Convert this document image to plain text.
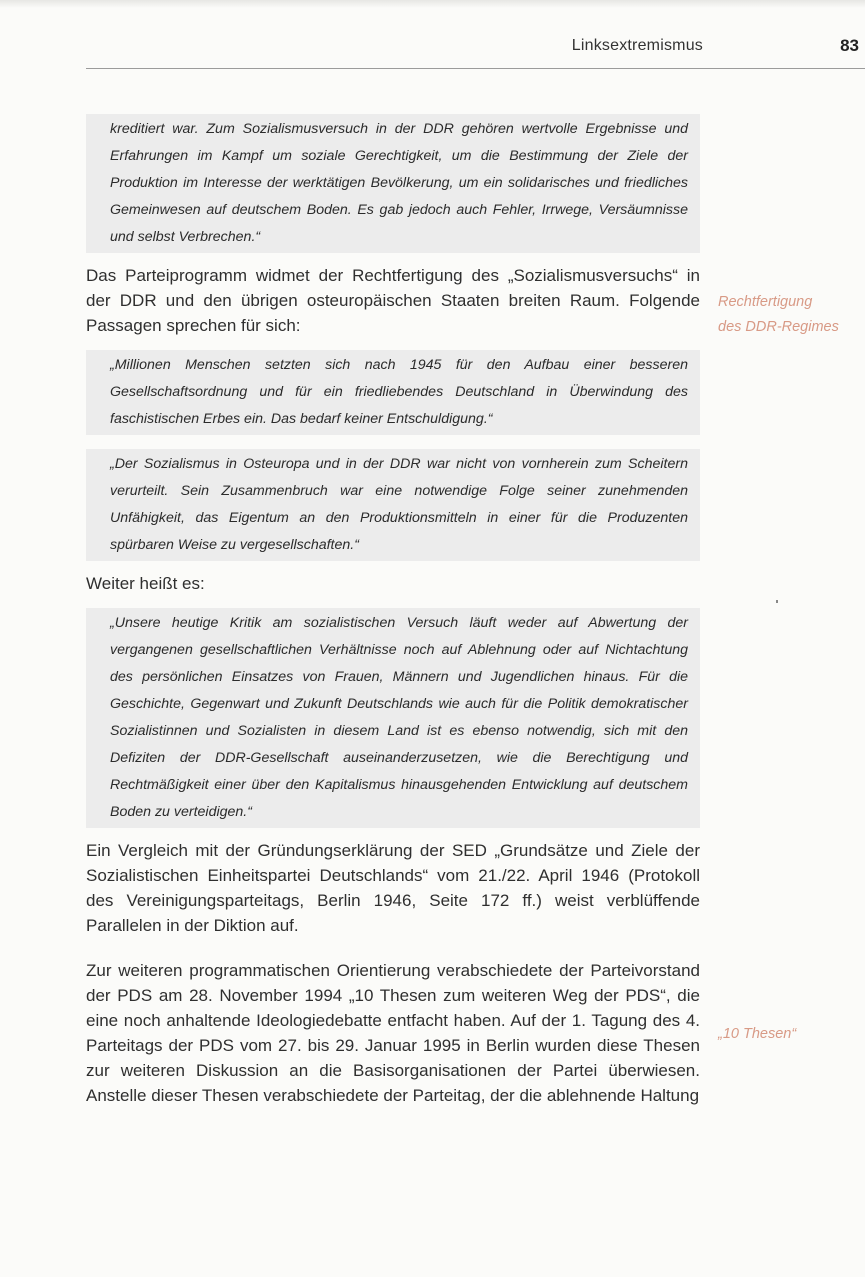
Linksextremismus	83

kreditiert war. Zum Sozialismusversuch in der DDR gehören wertvolle Ergebnisse und Erfahrungen im Kampf um soziale Gerechtigkeit, um die Bestimmung der Ziele der Produktion im Interesse der werktätigen Bevölkerung, um ein solidarisches und friedliches Gemeinwesen auf deutschem Boden. Es gab jedoch auch Fehler, Irrwege, Versäumnisse und selbst Verbrechen.“

Das Parteiprogramm widmet der Rechtfertigung des „Sozialismusversuchs“ in der DDR und den übrigen osteuropäischen Staaten breiten Raum. Folgende Passagen sprechen für sich:

„Millionen Menschen setzten sich nach 1945 für den Aufbau einer besseren Gesellschaftsordnung und für ein friedliebendes Deutschland in Überwindung des faschistischen Erbes ein. Das bedarf keiner Entschuldigung.“

„Der Sozialismus in Osteuropa und in der DDR war nicht von vornherein zum Scheitern verurteilt. Sein Zusammenbruch war eine notwendige Folge seiner zunehmenden Unfähigkeit, das Eigentum an den Produktionsmitteln in einer für die Produzenten spürbaren Weise zu vergesellschaften.“

Weiter heißt es:

„Unsere heutige Kritik am sozialistischen Versuch läuft weder auf Abwertung der vergangenen gesellschaftlichen Verhältnisse noch auf Ablehnung oder auf Nichtachtung des persönlichen Einsatzes von Frauen, Männern und Jugendlichen hinaus. Für die Geschichte, Gegenwart und Zukunft Deutschlands wie auch für die Politik demokratischer Sozialistinnen und Sozialisten in diesem Land ist es ebenso notwendig, sich mit den Defiziten der DDR-Gesellschaft auseinanderzusetzen, wie die Berechtigung und Rechtmäßigkeit einer über den Kapitalismus hinausgehenden Entwicklung auf deutschem Boden zu verteidigen.“

Ein Vergleich mit der Gründungserklärung der SED „Grundsätze und Ziele der Sozialistischen Einheitspartei Deutschlands“ vom 21./22. April 1946 (Protokoll des Vereinigungsparteitags, Berlin 1946, Seite 172 ff.) weist verblüffende Parallelen in der Diktion auf.

Zur weiteren programmatischen Orientierung verabschiedete der Parteivorstand der PDS am 28. November 1994 „10 Thesen zum weiteren Weg der PDS“, die eine noch anhaltende Ideologiedebatte entfacht haben. Auf der 1. Tagung des 4. Parteitags der PDS vom 27. bis 29. Januar 1995 in Berlin wurden diese Thesen zur weiteren Diskussion an die Basisorganisationen der Partei überwiesen. Anstelle dieser Thesen verabschiedete der Parteitag, der die ablehnende Haltung

Rechtfertigung
des DDR-Regimes
„10 Thesen“
